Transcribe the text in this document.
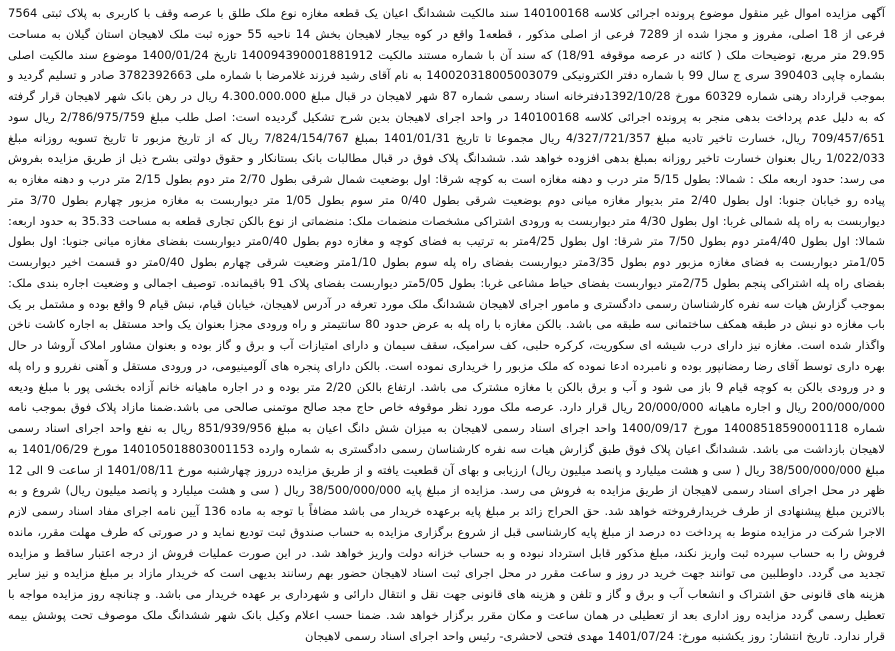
آگهی مزایده اموال غیر منقول موضوع پرونده اجرائی کلاسه 140100168 سند مالکیت ششدانگ اعیان یک قطعه مغازه نوع ملک طلق با عرصه وقف با کاربری به پلاک ثبتی 7564 فرعی از 18 اصلی، مفروز و مجزا شده از 7289 فرعی از اصلی مذکور ، قطعه1 واقع در کوه بیجار لاهیجان بخش 14 ناحیه 55 حوزه ثبت ملک لاهیجان استان گیلان به مساحت 29.95 متر مربع، توضیحات ملک ( کائنه در عرصه موقوفه 18/91) که سند آن با شماره مستند مالکیت 140094390001881912 تاریخ 1400/01/24 موضوع سند مالکیت اصلی بشماره چاپی 390403 سری ج سال 99 با شماره دفتر الکترونیکی 140020318005003079 به نام آقای رشید فرزند غلامرضا با شماره ملی 3782392663 صادر و تسلیم گردید و بموجب قرارداد رهنی شماره 60329 مورخ 1392/10/28دفترخانه اسناد رسمی شماره 87 شهر لاهیجان در قبال مبلغ 4.300.000.000 ریال در رهن بانک شهر لاهیجان قرار گرفته که به دلیل عدم پرداخت بدهی منجر به پرونده اجرائی کلاسه 140100168 در واحد اجرای لاهیجان بدین شرح تشکیل گردیده است: اصل طلب مبلغ 2/786/975/759 ریال سود 709/457/651 ریال، خسارت تاخیر تادیه مبلغ 4/327/721/357 ریال مجموعا تا تاریخ 1401/01/31 بمبلغ 7/824/154/767 ریال که از تاریخ مزبور تا تاریخ تسویه روزانه مبلغ 1/022/033 ریال بعنوان خسارت تاخیر روزانه بمبلغ بدهی افزوده خواهد شد. ششدانگ پلاک فوق در قبال مطالبات بانک بستانکار و حقوق دولتی بشرح ذیل از طریق مزایده بفروش می رسد: حدود اربعه ملک : شمالا: بطول 5/15 متر درب و دهنه مغازه است به کوچه شرقا: اول بوضعیت شمال شرقی بطول 2/70 متر دوم بطول 2/15 متر درب و دهنه مغازه به پیاده رو خیابان جنوبا: اول بطول 2/40 متر بدیوار مغازه میانی دوم بوضعیت شرقی بطول 0/40 متر سوم بطول 1/05 متر دیواربست به مغازه مزبور چهارم بطول 3/70 متر دیواربست به راه پله شمالی غربا: اول بطول 4/30 متر دیواربست به ورودی اشتراکی مشخصات منضمات ملک: منضماتی از نوع بالکن تجاری قطعه به مساحت 35.33 به حدود اربعه: شمالا: اول بطول 4/40متر دوم بطول 7/50 متر شرقا: اول بطول 4/25متر به ترتیب به فضای کوچه و مغازه دوم بطول 0/40متر دیواربست بفضای مغازه میانی جنوبا: اول بطول 1/05متر دیواربست به فضای مغازه مزبور دوم بطول 3/35متر دیواربست بفضای راه پله سوم بطول 1/10متر وضعیت شرقی چهارم بطول 0/40متر دو قسمت اخیر دیواربست بفضای راه پله اشتراکی پنجم بطول 2/75متر دیواربست بفضای حیاط مشاعی غربا: بطول 5/05متر دیواربست بفضای پلاک 91 باقیمانده. توصیف اجمالی و وضعیت اجاره بندی ملک: بموجب گزارش هیات سه نفره کارشناسان رسمی دادگستری و مامور اجرای لاهیجان ششدانگ ملک مورد تعرفه در آدرس لاهیجان، خیابان قیام، نبش قیام 9 واقع بوده و مشتمل بر یک باب مغازه دو نبش در طبقه همکف ساختمانی سه طبقه می باشد. بالکن مغازه با راه پله به عرض حدود 80 سانتیمتر و راه ورودی مجزا بعنوان یک واحد مستقل به اجاره کاشت ناخن واگذار شده است. مغازه نیز دارای درب شیشه ای سکوریت، کرکره حلبی، کف سرامیک، سقف سیمان و دارای امتیازات آب و برق و گاز بوده و بعنوان مشاور املاک آروشا در حال بهره داری توسط آقای رضا رمضانپور بوده و نامبرده ادعا نموده که ملک مزبور را خریداری نموده است. بالکن دارای پنجره های آلومینیومی، در ورودی مستقل و آهنی نفررو و راه پله و در ورودی بالکن به کوچه قیام 9 باز می شود و آب و برق بالکن با مغازه مشترک می باشد. ارتفاع بالکن 2/20 متر بوده و در اجاره ماهیانه خانم آزاده بخشی پور با مبلغ ودیعه 200/000/000 ریال و اجاره ماهیانه 20/000/000 ریال قرار دارد. عرصه ملک مورد نظر موقوفه خاص حاج مجد صالح موتمنی صالحی می باشد.ضمنا مازاد پلاک فوق بموجب نامه شماره 14008518590001118 مورخ 1400/09/17 واحد اجرای اسناد رسمی لاهیجان به میزان شش دانگ اعیان به مبلغ 851/939/956 ریال به نفع واحد اجرای اسناد رسمی لاهیجان بازداشت می باشد. ششدانگ اعیان پلاک فوق طبق گزارش هیات سه نفره کارشناسان رسمی دادگستری به شماره وارده 140105018803001153 مورخ 1401/06/29 به مبلغ 38/500/000/000 ریال ( سی و هشت میلیارد و پانصد میلیون ریال) ارزیابی و بهای آن قطعیت یافته و از طریق مزایده درروز چهارشنبه مورخ 1401/08/11 از ساعت 9 الی 12 ظهر در محل اجرای اسناد رسمی لاهیجان از طریق مزایده به فروش می رسد. مزایده از مبلغ پایه 38/500/000/000 ریال ( سی و هشت میلیارد و پانصد میلیون ریال) شروع و به بالاترین مبلغ پیشنهادی از طرف خریدارفروخته خواهد شد. حق الحراج زائد بر مبلغ پایه برعهده خریدار می باشد مضافاً با توجه به ماده 136 آیین نامه اجرای مفاد اسناد رسمی لازم الاجرا شرکت در مزایده منوط به پرداخت ده درصد از مبلغ پایه کارشناسی قبل از شروع برگزاری مزایده به حساب صندوق ثبت تودیع نماید و در صورتی که طرف مهلت مقرر، مانده فروش را به حساب سپرده ثبت واریز نکند، مبلغ مذکور قابل استرداد نبوده و به حساب خزانه دولت واریز خواهد شد. در این صورت عملیات فروش از درجه اعتبار ساقط و مزایده تجدید می گردد. داوطلبین می توانند جهت خرید در روز و ساعت مقرر در محل اجرای ثبت اسناد لاهیجان حضور بهم رسانند بدیهی است که خریدار مازاد بر مبلغ مزایده و نیز سایر هزینه های قانونی حق اشتراک و انشعاب آب و برق و گاز و تلفن و هزینه های قانونی جهت نقل و انتقال دارائی و شهرداری بر عهده خریدار می باشد. و چنانچه روز مزایده مواجه با تعطیل رسمی گردد مزایده روز اداری بعد از تعطیلی در همان ساعت و مکان مقرر برگزار خواهد شد. ضمنا حسب اعلام وکیل بانک شهر ششدانگ ملک موصوف تحت پوشش بیمه قرار ندارد. تاریخ انتشار: روز یکشنبه مورخ: 1401/07/24 مهدی فتحی لاحشری- رئیس واحد اجرای اسناد رسمی لاهیجان
